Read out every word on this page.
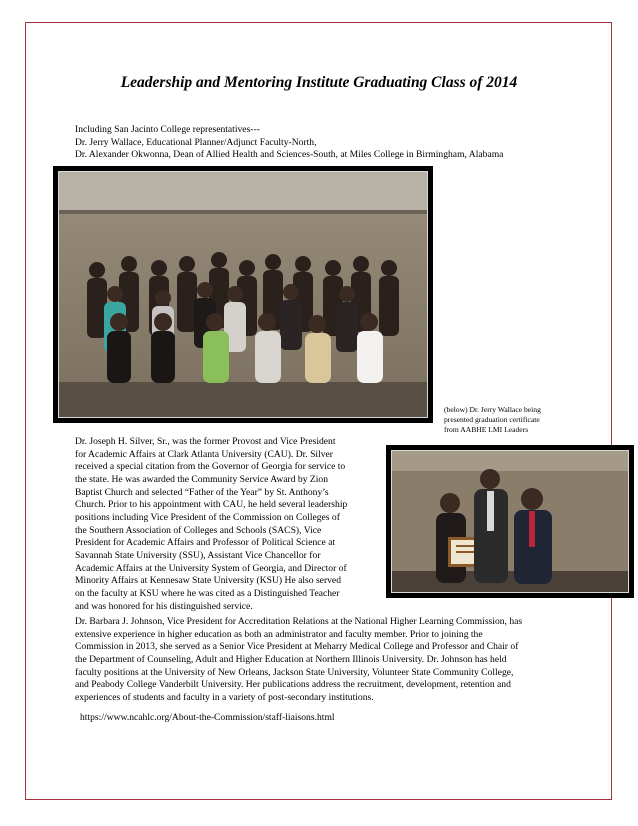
Leadership and Mentoring Institute Graduating Class of 2014
Including San Jacinto College representatives---
Dr. Jerry Wallace, Educational Planner/Adjunct Faculty-North,
Dr. Alexander Okwonna, Dean of Allied Health and Sciences-South, at Miles College in Birmingham, Alabama
(below) Dr. Jerry Wallace being
presented graduation certificate
from AABHE LMI Leaders
Dr. Joseph H. Silver, Sr., was the former Provost and Vice President
for Academic Affairs at Clark Atlanta University (CAU). Dr. Silver
received a special citation from the Governor of Georgia for service to
the state. He was awarded the Community Service Award by Zion
Baptist Church and selected “Father of the Year” by St. Anthony’s
Church. Prior to his appointment with CAU, he held several leadership
positions including Vice President of the Commission on Colleges of
the Southern Association of Colleges and Schools (SACS), Vice
President for Academic Affairs and Professor of Political Science at
Savannah State University (SSU), Assistant Vice Chancellor for
Academic Affairs at the University System of Georgia, and Director of
Minority Affairs at Kennesaw State University (KSU) He also served
on the faculty at KSU where he was cited as a Distinguished Teacher
and was honored for his distinguished service.
Dr. Barbara J. Johnson, Vice President for Accreditation Relations at the National Higher Learning Commission, has
extensive experience in higher education as both an administrator and faculty member. Prior to joining the
Commission in 2013, she served as a Senior Vice President at Meharry Medical College and Professor and Chair of
the Department of Counseling, Adult and Higher Education at Northern Illinois University. Dr. Johnson has held
faculty positions at the University of New Orleans, Jackson State University, Volunteer State Community College,
and Peabody College Vanderbilt University. Her publications address the recruitment, development, retention and
experiences of students and faculty in a variety of post-secondary institutions.
https://www.ncahlc.org/About-the-Commission/staff-liaisons.html
